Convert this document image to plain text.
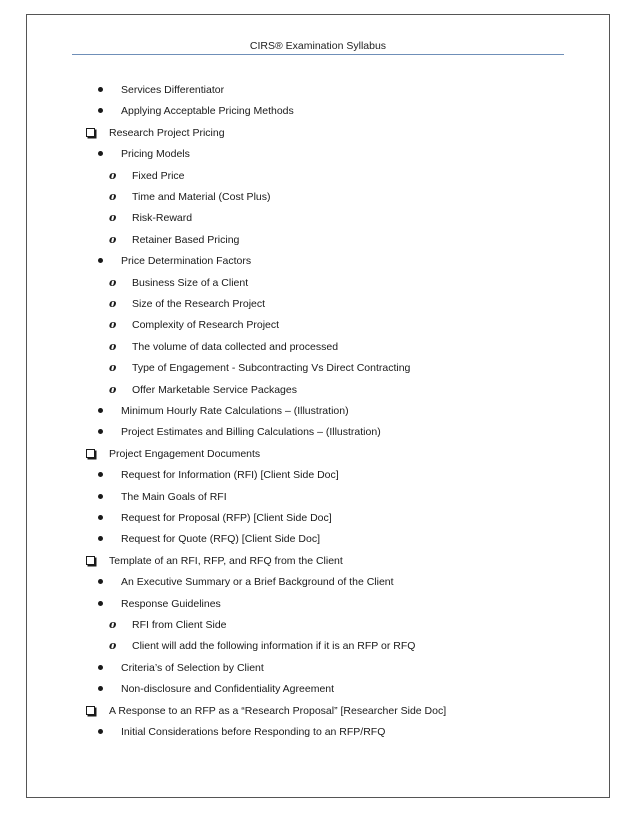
CIRS® Examination Syllabus
Services Differentiator
Applying Acceptable Pricing Methods
Research Project Pricing
Pricing Models
o Fixed Price
o Time and Material (Cost Plus)
o Risk-Reward
o Retainer Based Pricing
Price Determination Factors
o Business Size of a Client
o Size of the Research Project
o Complexity of Research Project
o The volume of data collected and processed
o Type of Engagement - Subcontracting Vs Direct Contracting
o Offer Marketable Service Packages
Minimum Hourly Rate Calculations – (Illustration)
Project Estimates and Billing Calculations – (Illustration)
Project Engagement Documents
Request for Information (RFI) [Client Side Doc]
The Main Goals of RFI
Request for Proposal (RFP) [Client Side Doc]
Request for Quote (RFQ) [Client Side Doc]
Template of an RFI, RFP, and RFQ from the Client
An Executive Summary or a Brief Background of the Client
Response Guidelines
o RFI from Client Side
o Client will add the following information if it is an RFP or RFQ
Criteria’s of Selection by Client
Non-disclosure and Confidentiality Agreement
A Response to an RFP as a “Research Proposal” [Researcher Side Doc]
Initial Considerations before Responding to an RFP/RFQ
